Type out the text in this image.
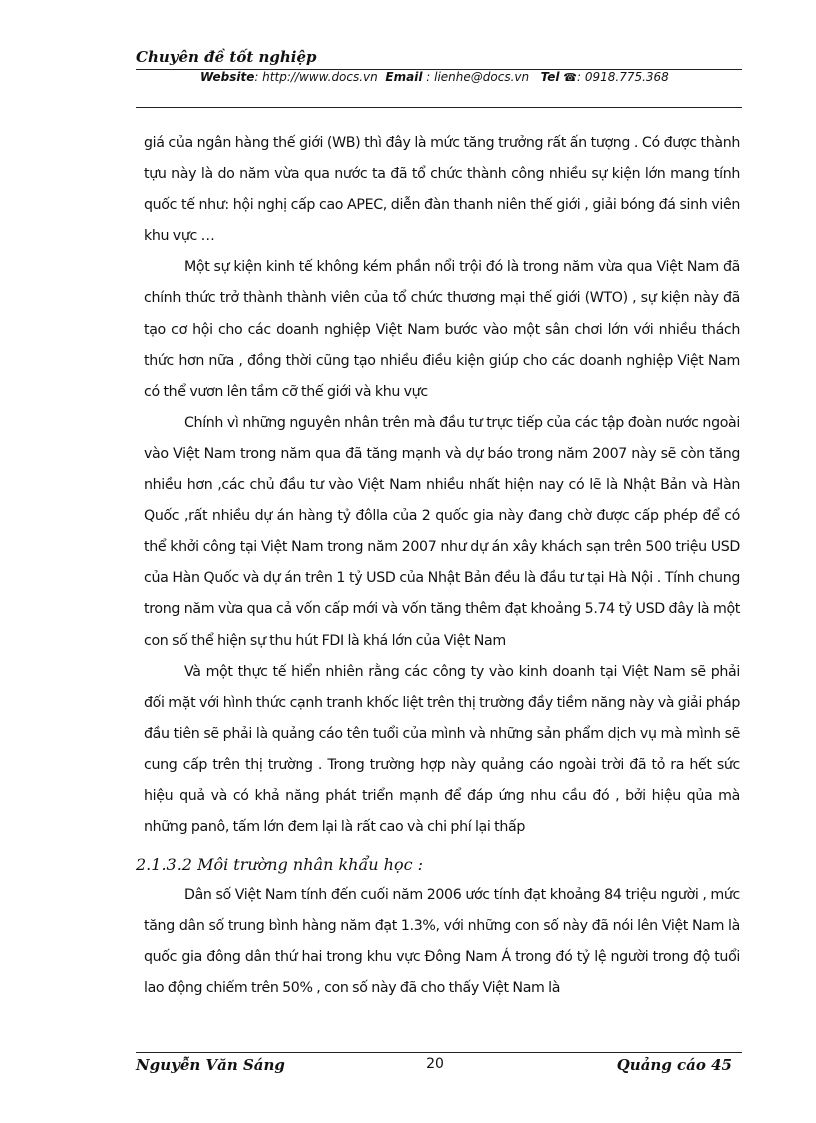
Chuyên đề tốt nghiệp
Website: http://www.docs.vn Email : lienhe@docs.vn Tel ☎: 0918.775.368

giá của ngân hàng thế giới (WB) thì đây là mức tăng trưởng rất ấn tượng . Có được thành tựu này là do năm vừa qua nước ta đã tổ chức thành công nhiều sự kiện lớn mang tính quốc tế như: hội nghị cấp cao APEC, diễn đàn thanh niên thế giới , giải bóng đá sinh viên khu vực …

Một sự kiện kinh tế không kém phần nổi trội đó là trong năm vừa qua Việt Nam đã chính thức trở thành thành viên của tổ chức thương mại thế giới (WTO) , sự kiện này đã tạo cơ hội cho các doanh nghiệp Việt Nam bước vào một sân chơi lớn với nhiều thách thức hơn nữa , đồng thời cũng tạo nhiều điều kiện giúp cho các doanh nghiệp Việt Nam có thể vươn lên tầm cỡ thế giới và khu vực

Chính vì những nguyên nhân trên mà đầu tư trực tiếp của các tập đoàn nước ngoài vào Việt Nam trong năm qua đã tăng mạnh và dự báo trong năm 2007 này sẽ còn tăng nhiều hơn ,các chủ đầu tư vào Việt Nam nhiều nhất hiện nay có lẽ là Nhật Bản và Hàn Quốc ,rất nhiều dự án hàng tỷ đôlla của 2 quốc gia này đang chờ được cấp phép để có thể khởi công tại Việt Nam trong năm 2007 như dự án xây khách sạn trên 500 triệu USD của Hàn Quốc và dự án trên 1 tỷ USD của Nhật Bản đều là đầu tư tại Hà Nội . Tính chung trong năm vừa qua cả vốn cấp mới và vốn tăng thêm đạt khoảng 5.74 tỷ USD đây là một con số thể hiện sự thu hút FDI là khá lớn của Việt Nam

Và một thực tế hiển nhiên rằng các công ty vào kinh doanh tại Việt Nam sẽ phải đối mặt với hình thức cạnh tranh khốc liệt trên thị trường đầy tiềm năng này và giải pháp đầu tiên sẽ phải là quảng cáo tên tuổi của mình và những sản phẩm dịch vụ mà mình sẽ cung cấp trên thị trường . Trong trường hợp này quảng cáo ngoài trời đã tỏ ra hết sức hiệu quả và có khả năng phát triển mạnh để đáp ứng nhu cầu đó , bởi hiệu qủa mà những panô, tấm lớn đem lại là rất cao và chi phí lại thấp

2.1.3.2 Môi trường nhân khẩu học :

Dân số Việt Nam tính đến cuối năm 2006 ước tính đạt khoảng 84 triệu người , mức tăng dân số trung bình hàng năm đạt 1.3%, với những con số này đã nói lên Việt Nam là quốc gia đông dân thứ hai trong khu vực Đông Nam Á trong đó tỷ lệ người trong độ tuổi lao động chiếm trên 50% , con số này đã cho thấy Việt Nam là

Nguyễn Văn Sáng	20	Quảng cáo 45
